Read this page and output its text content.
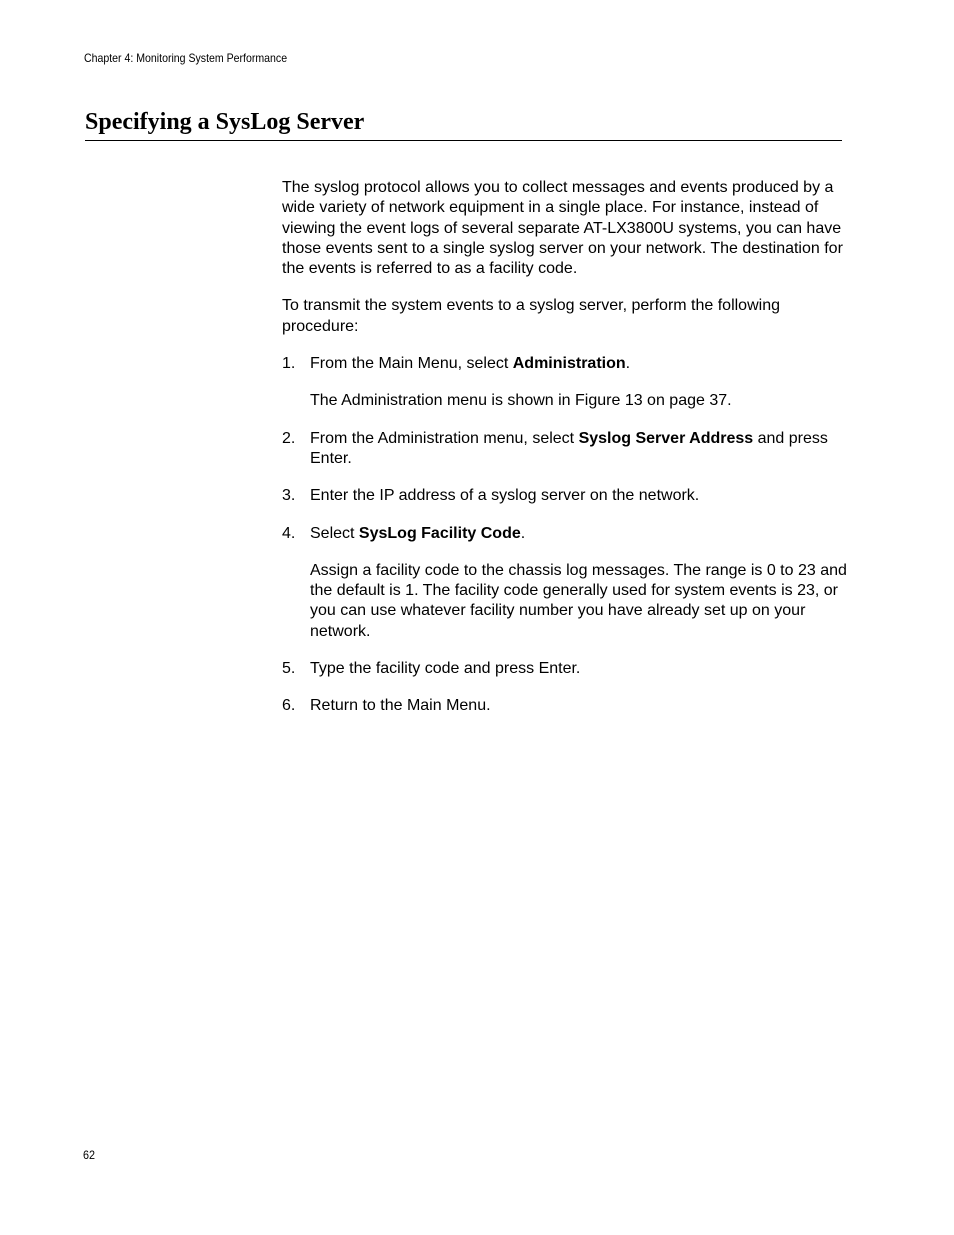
Chapter 4: Monitoring System Performance
Specifying a SysLog Server

The syslog protocol allows you to collect messages and events produced by a wide variety of network equipment in a single place. For instance, instead of viewing the event logs of several separate AT-LX3800U systems, you can have those events sent to a single syslog server on your network. The destination for the events is referred to as a facility code.

To transmit the system events to a syslog server, perform the following procedure:

1. From the Main Menu, select Administration.

The Administration menu is shown in Figure 13 on page 37.

2. From the Administration menu, select Syslog Server Address and press Enter.

3. Enter the IP address of a syslog server on the network.

4. Select SysLog Facility Code.

Assign a facility code to the chassis log messages. The range is 0 to 23 and the default is 1. The facility code generally used for system events is 23, or you can use whatever facility number you have already set up on your network.

5. Type the facility code and press Enter.

6. Return to the Main Menu.

62
